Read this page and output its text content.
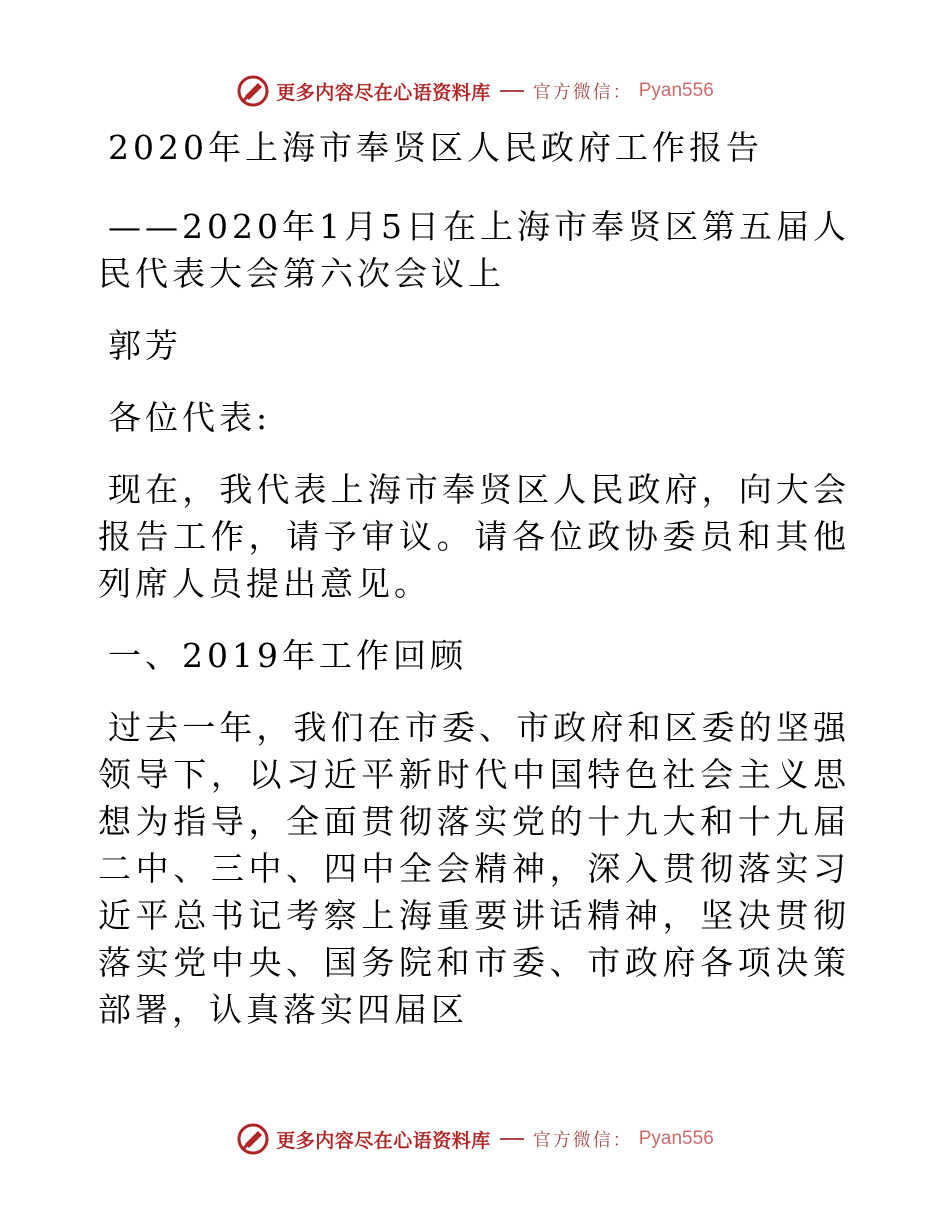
更多内容尽在心语资料库 官方微信： Pyan556

2020年上海市奉贤区人民政府工作报告

——2020年1月5日在上海市奉贤区第五届人民代表大会第六次会议上

郭芳

各位代表:

现在，我代表上海市奉贤区人民政府，向大会报告工作，请予审议。请各位政协委员和其他列席人员提出意见。

一、2019年工作回顾

过去一年，我们在市委、市政府和区委的坚强领导下，以习近平新时代中国特色社会主义思想为指导，全面贯彻落实党的十九大和十九届二中、三中、四中全会精神，深入贯彻落实习近平总书记考察上海重要讲话精神，坚决贯彻落实党中央、国务院和市委、市政府各项决策部署，认真落实四届区

更多内容尽在心语资料库 官方微信： Pyan556
